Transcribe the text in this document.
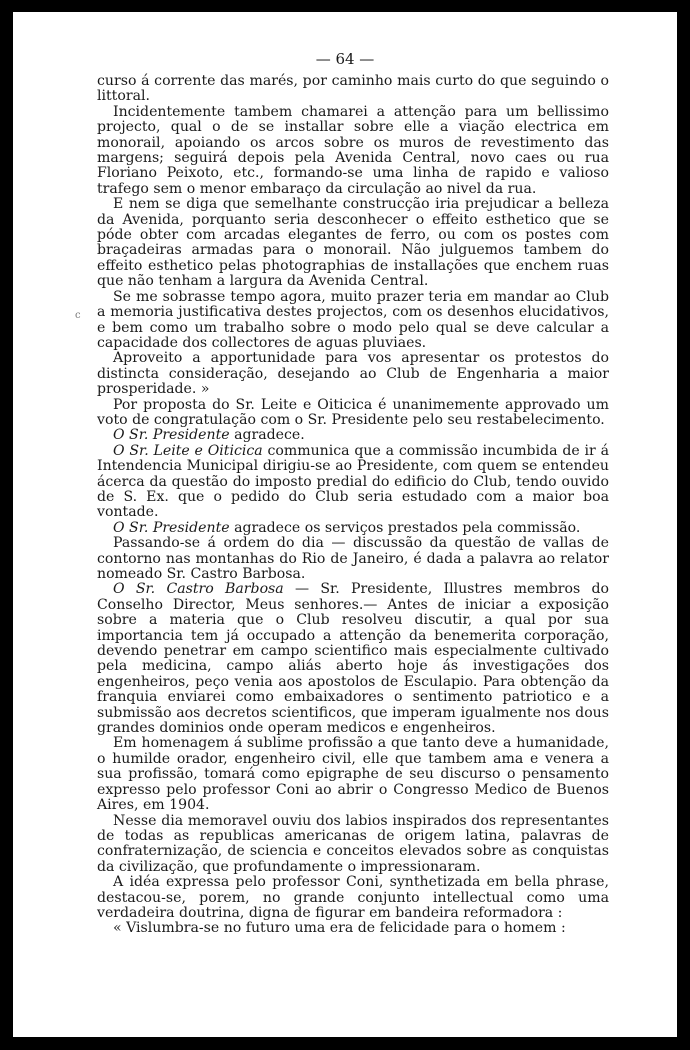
— 64 —
c

curso á corrente das marés, por caminho mais curto do que seguindo o littoral.

Incidentemente tambem chamarei a attenção para um bellissimo projecto, qual o de se installar sobre elle a viação electrica em monorail, apoiando os arcos sobre os muros de revestimento das margens; seguirá depois pela Avenida Central, novo caes ou rua Floriano Peixoto, etc., formando-se uma linha de rapido e valioso trafego sem o menor embaraço da circulação ao nivel da rua.

E nem se diga que semelhante construcção iria prejudicar a belleza da Avenida, porquanto seria desconhecer o effeito esthetico que se póde obter com arcadas elegantes de ferro, ou com os postes com braçadeiras armadas para o monorail. Não julguemos tambem do effeito esthetico pelas photographias de installações que enchem ruas que não tenham a largura da Avenida Central.

Se me sobrasse tempo agora, muito prazer teria em mandar ao Club a memoria justificativa destes projectos, com os desenhos elucidativos, e bem como um trabalho sobre o modo pelo qual se deve calcular a capacidade dos collectores de aguas pluviaes.

Aproveito a apportunidade para vos apresentar os protestos do distincta consideração, desejando ao Club de Engenharia a maior prosperidade. »

Por proposta do Sr. Leite e Oiticica é unanimemente approvado um voto de congratulação com o Sr. Presidente pelo seu restabelecimento.

O Sr. Presidente agradece.

O Sr. Leite e Oiticica communica que a commissão incumbida de ir á Intendencia Municipal dirigiu-se ao Presidente, com quem se entendeu ácerca da questão do imposto predial do edificio do Club, tendo ouvido de S. Ex. que o pedido do Club seria estudado com a maior boa vontade.

O Sr. Presidente agradece os serviços prestados pela commissão.

Passando-se á ordem do dia — discussão da questão de vallas de contorno nas montanhas do Rio de Janeiro, é dada a palavra ao relator nomeado Sr. Castro Barbosa.

O Sr. Castro Barbosa — Sr. Presidente, Illustres membros do Conselho Director, Meus senhores.— Antes de iniciar a exposição sobre a materia que o Club resolveu discutir, a qual por sua importancia tem já occupado a attenção da benemerita corporação, devendo penetrar em campo scientifico mais especialmente cultivado pela medicina, campo aliás aberto hoje ás investigações dos engenheiros, peço venia aos apostolos de Esculapio. Para obtenção da franquia enviarei como embaixadores o sentimento patriotico e a submissão aos decretos scientificos, que imperam igualmente nos dous grandes dominios onde operam medicos e engenheiros.

Em homenagem á sublime profissão a que tanto deve a humanidade, o humilde orador, engenheiro civil, elle que tambem ama e venera a sua profissão, tomará como epigraphe de seu discurso o pensamento expresso pelo professor Coni ao abrir o Congresso Medico de Buenos Aires, em 1904.

Nesse dia memoravel ouviu dos labios inspirados dos representantes de todas as republicas americanas de origem latina, palavras de confraternização, de sciencia e conceitos elevados sobre as conquistas da civilização, que profundamente o impressionaram.

A idéa expressa pelo professor Coni, synthetizada em bella phrase, destacou-se, porem, no grande conjunto intellectual como uma verdadeira doutrina, digna de figurar em bandeira reformadora :

« Vislumbra-se no futuro uma era de felicidade para o homem :
